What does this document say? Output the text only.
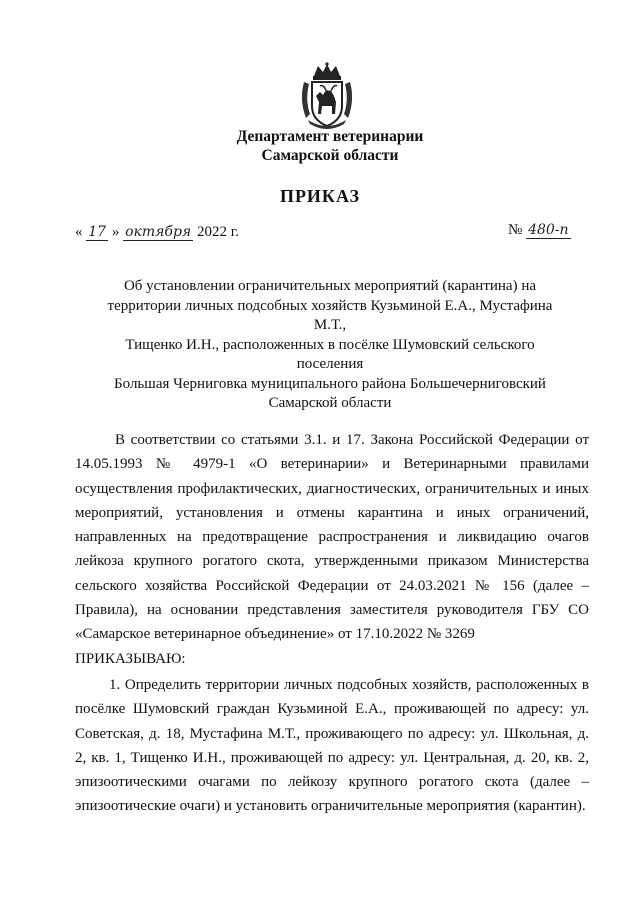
Департамент ветеринарии
Самарской области
ПРИКАЗ
« 17 » октября 2022 г.	№ 480-п
Об установлении ограничительных мероприятий (карантина) на
территории личных подсобных хозяйств Кузьминой Е.А., Мустафина М.Т.,
Тищенко И.Н., расположенных в посёлке Шумовский сельского поселения
Большая Черниговка муниципального района Большечерниговский
Самарской области

В соответствии со статьями 3.1. и 17. Закона Российской Федерации от 14.05.1993 № 4979-1 «О ветеринарии» и Ветеринарными правилами осуществления профилактических, диагностических, ограничительных и иных мероприятий, установления и отмены карантина и иных ограничений, направленных на предотвращение распространения и ликвидацию очагов лейкоза крупного рогатого скота, утвержденными приказом Министерства сельского хозяйства Российской Федерации от 24.03.2021 № 156 (далее – Правила), на основании представления заместителя руководителя ГБУ СО «Самарское ветеринарное объединение» от 17.10.2022 № 3269

ПРИКАЗЫВАЮ:

1. Определить территории личных подсобных хозяйств, расположенных в посёлке Шумовский граждан Кузьминой Е.А., проживающей по адресу: ул. Советская, д. 18, Мустафина М.Т., проживающего по адресу: ул. Школьная, д. 2, кв. 1, Тищенко И.Н., проживающей по адресу: ул. Центральная, д. 20, кв. 2, эпизоотическими очагами по лейкозу крупного рогатого скота (далее – эпизоотические очаги) и установить ограничительные мероприятия (карантин).
